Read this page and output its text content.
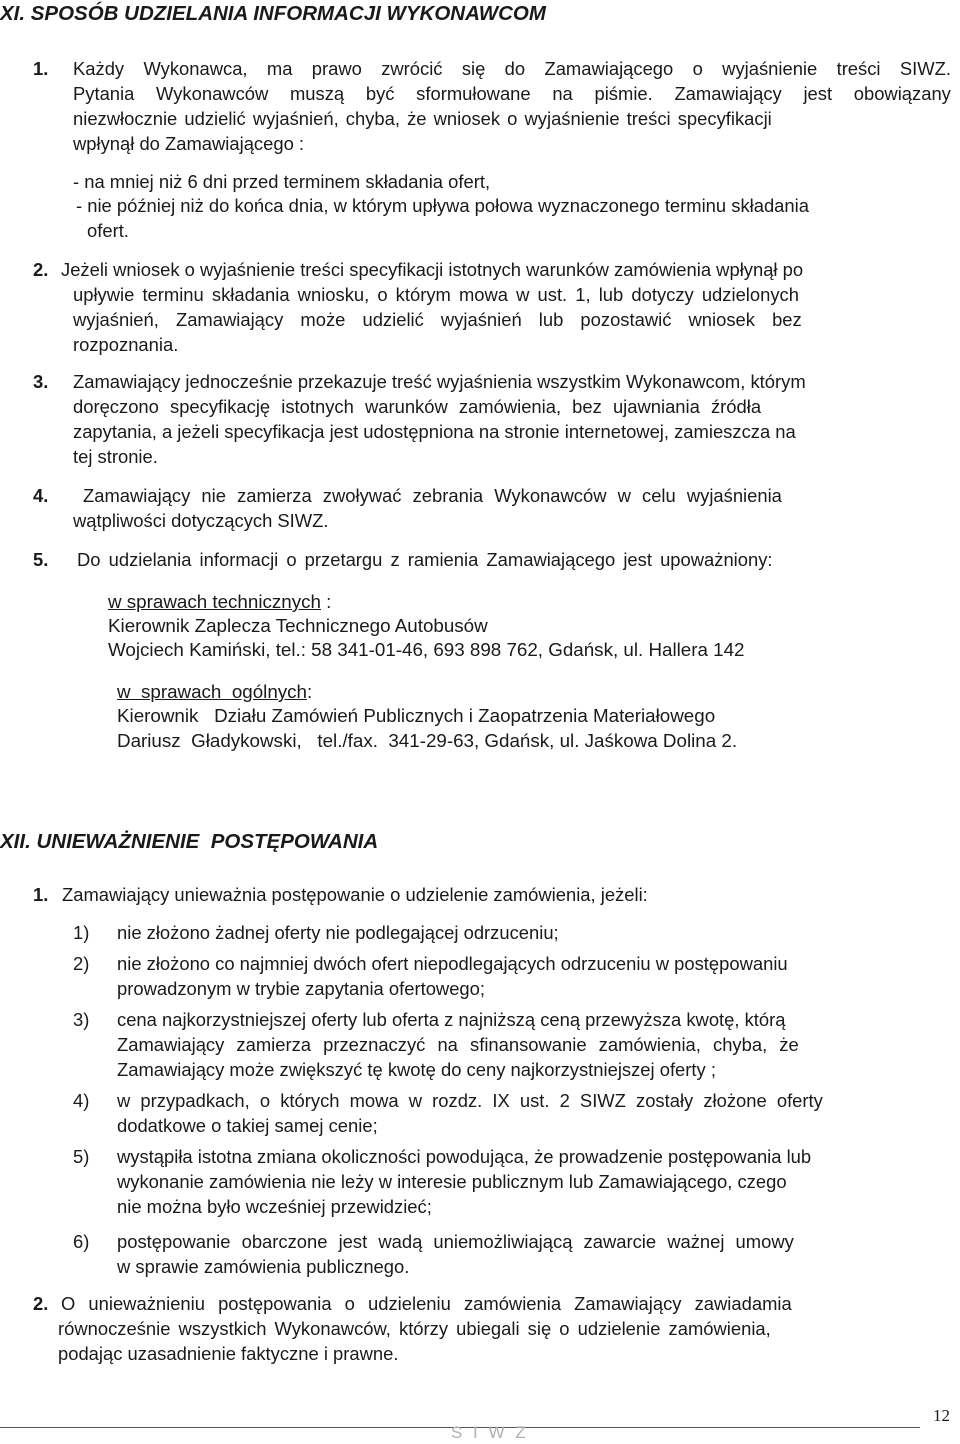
XI. SPOSÓB UDZIELANIA INFORMACJI WYKONAWCOM
1. Każdy Wykonawca, ma prawo zwrócić się do Zamawiającego o wyjaśnienie treści SIWZ.
Pytania Wykonawców muszą być sformułowane na piśmie. Zamawiający jest obowiązany
niezwłocznie udzielić wyjaśnień, chyba, że wniosek o wyjaśnienie treści specyfikacji
wpłynął do Zamawiającego :
- na mniej niż 6 dni przed terminem składania ofert,
- nie później niż do końca dnia, w którym upływa połowa wyznaczonego terminu składania
ofert.
2. Jeżeli wniosek o wyjaśnienie treści specyfikacji istotnych warunków zamówienia wpłynął po
upływie terminu składania wniosku, o którym mowa w ust. 1, lub dotyczy udzielonych
wyjaśnień, Zamawiający może udzielić wyjaśnień lub pozostawić wniosek bez
rozpoznania.
3. Zamawiający jednocześnie przekazuje treść wyjaśnienia wszystkim Wykonawcom, którym
doręczono specyfikację istotnych warunków zamówienia, bez ujawniania źródła
zapytania, a jeżeli specyfikacja jest udostępniona na stronie internetowej, zamieszcza na
tej stronie.
4. Zamawiający nie zamierza zwoływać zebrania Wykonawców w celu wyjaśnienia
wątpliwości dotyczących SIWZ.
5. Do udzielania informacji o przetargu z ramienia Zamawiającego jest upoważniony:
w sprawach technicznych :
Kierownik Zaplecza Technicznego Autobusów
Wojciech Kamiński, tel.: 58 341-01-46, 693 898 762, Gdańsk, ul. Hallera 142
w  sprawach  ogólnych:
Kierownik   Działu Zamówień Publicznych i Zaopatrzenia Materiałowego
Dariusz  Gładykowski,   tel./fax.  341-29-63, Gdańsk, ul. Jaśkowa Dolina 2.
XII. UNIEWAŻNIENIE  POSTĘPOWANIA
1. Zamawiający unieważnia postępowanie o udzielenie zamówienia, jeżeli:
1) nie złożono żadnej oferty nie podlegającej odrzuceniu;
2) nie złożono co najmniej dwóch ofert niepodlegających odrzuceniu w postępowaniu
prowadzonym w trybie zapytania ofertowego;
3) cena najkorzystniejszej oferty lub oferta z najniższą ceną przewyższa kwotę, którą
Zamawiający zamierza przeznaczyć na sfinansowanie zamówienia, chyba, że
Zamawiający może zwiększyć tę kwotę do ceny najkorzystniejszej oferty ;
4) w przypadkach, o których mowa w rozdz. IX ust. 2 SIWZ zostały złożone oferty
dodatkowe o takiej samej cenie;
5) wystąpiła istotna zmiana okoliczności powodująca, że prowadzenie postępowania lub
wykonanie zamówienia nie leży w interesie publicznym lub Zamawiającego, czego
nie można było wcześniej przewidzieć;
6) postępowanie obarczone jest wadą uniemożliwiającą zawarcie ważnej umowy
w sprawie zamówienia publicznego.
2. O unieważnieniu postępowania o udzieleniu zamówienia Zamawiający zawiadamia
równocześnie wszystkich Wykonawców, którzy ubiegali się o udzielenie zamówienia,
podając uzasadnienie faktyczne i prawne.
12
S I W Z
